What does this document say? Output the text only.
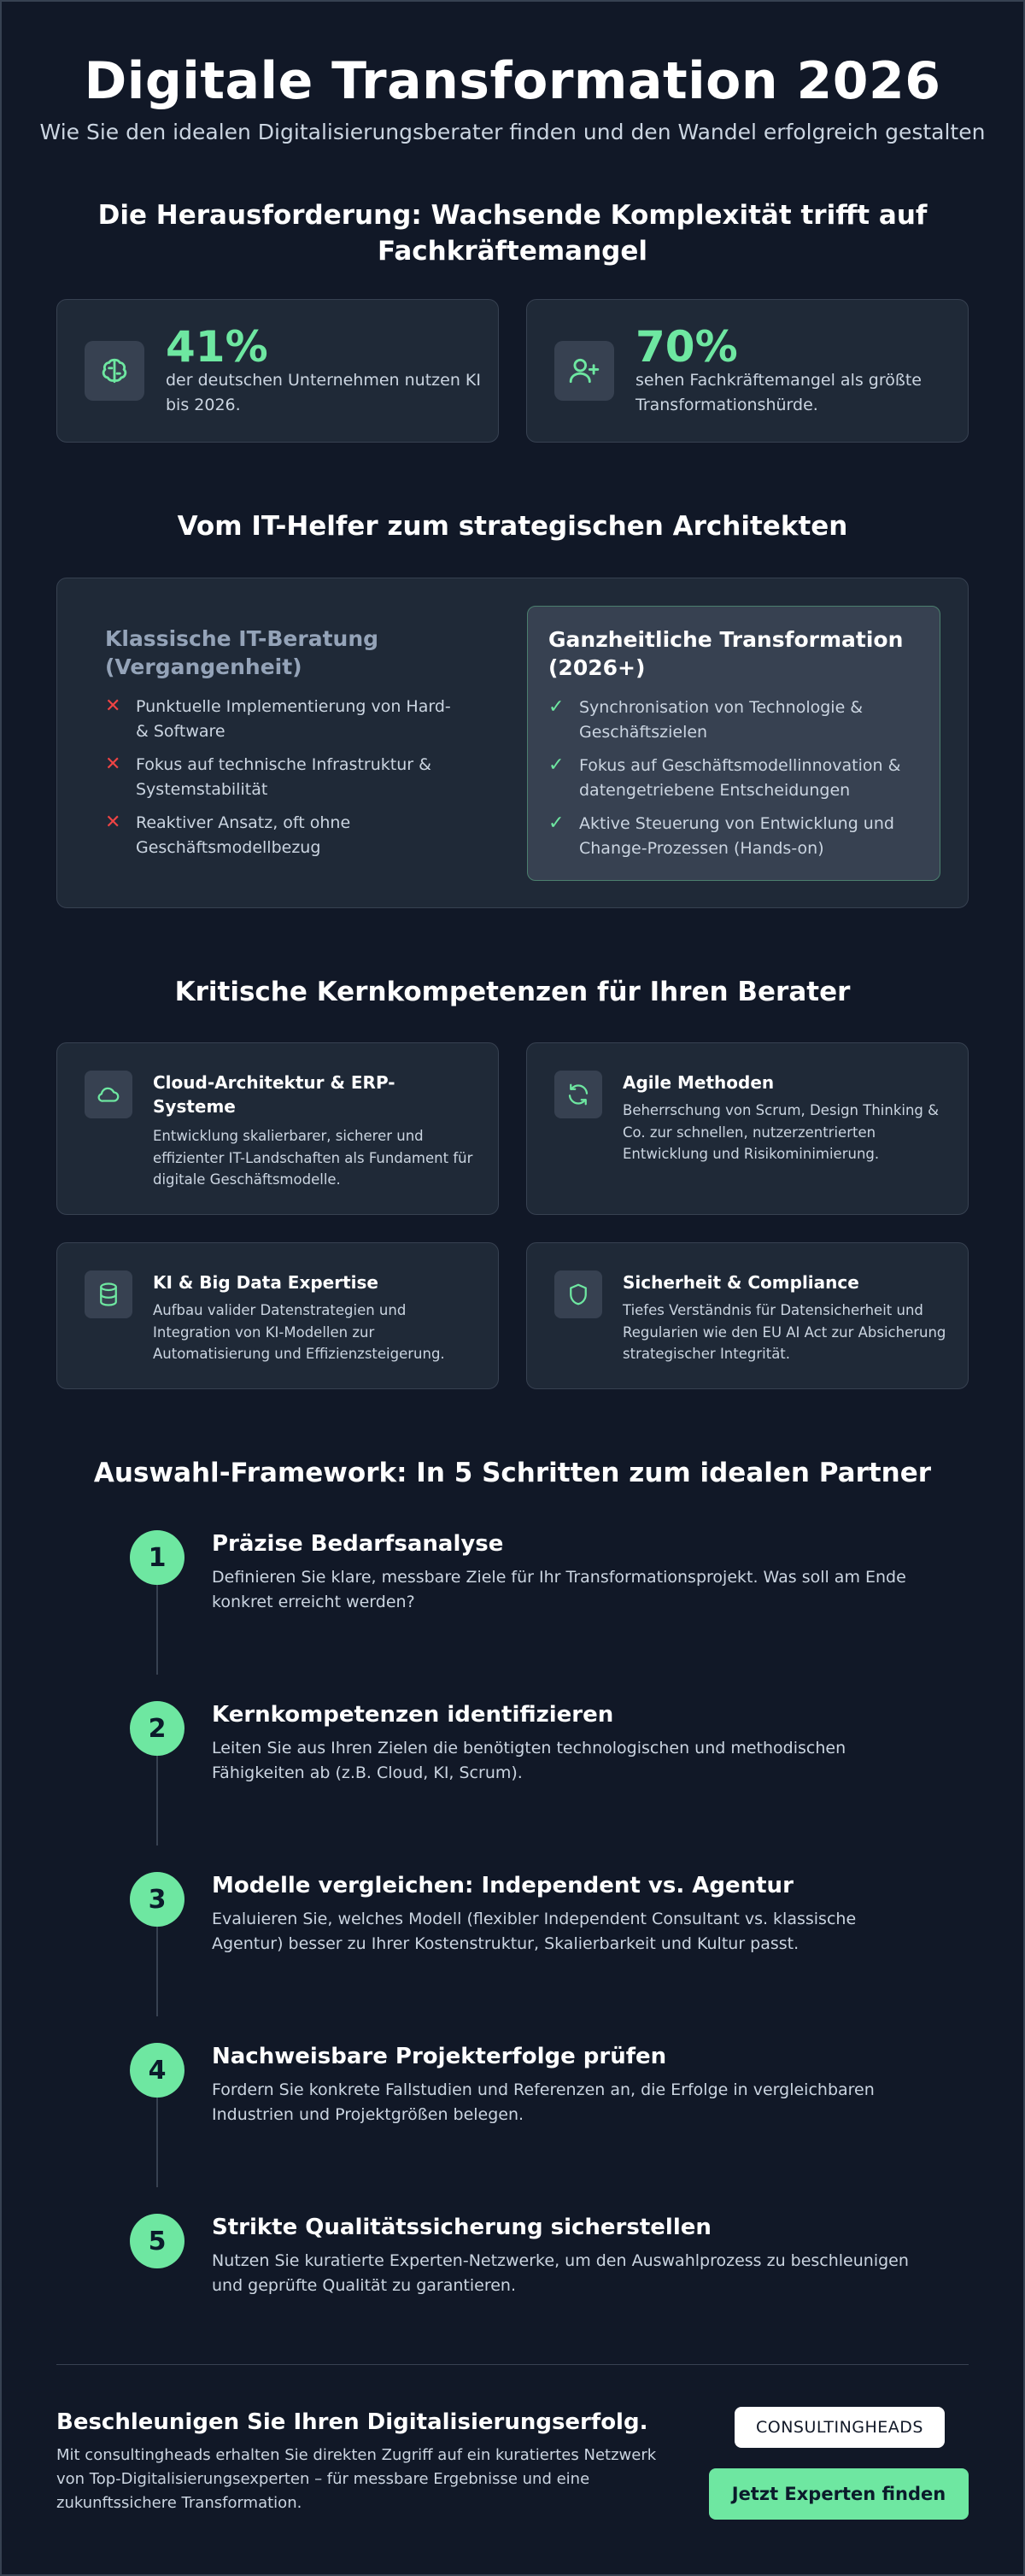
Digitale Transformation 2026
Wie Sie den idealen Digitalisierungsberater finden und den Wandel erfolgreich gestalten
Die Herausforderung: Wachsende Komplexität trifft auf Fachkräftemangel
41%
der deutschen Unternehmen nutzen KI bis 2026.
70%
sehen Fachkräftemangel als größte Transformationshürde.
Vom IT-Helfer zum strategischen Architekten
Klassische IT-Beratung (Vergangenheit)
✕ Punktuelle Implementierung von Hard- & Software
✕ Fokus auf technische Infrastruktur & Systemstabilität
✕ Reaktiver Ansatz, oft ohne Geschäftsmodellbezug
Ganzheitliche Transformation (2026+)
✓ Synchronisation von Technologie & Geschäftszielen
✓ Fokus auf Geschäftsmodellinnovation & datengetriebene Entscheidungen
✓ Aktive Steuerung von Entwicklung und Change-Prozessen (Hands-on)
Kritische Kernkompetenzen für Ihren Berater
Cloud-Architektur & ERP-Systeme
Entwicklung skalierbarer, sicherer und effizienter IT-Landschaften als Fundament für digitale Geschäftsmodelle.
Agile Methoden
Beherrschung von Scrum, Design Thinking & Co. zur schnellen, nutzerzentrierten Entwicklung und Risikominimierung.
KI & Big Data Expertise
Aufbau valider Datenstrategien und Integration von KI-Modellen zur Automatisierung und Effizienzsteigerung.
Sicherheit & Compliance
Tiefes Verständnis für Datensicherheit und Regularien wie den EU AI Act zur Absicherung strategischer Integrität.
Auswahl-Framework: In 5 Schritten zum idealen Partner
1	Präzise Bedarfsanalyse
Definieren Sie klare, messbare Ziele für Ihr Transformationsprojekt. Was soll am Ende konkret erreicht werden?
2	Kernkompetenzen identifizieren
Leiten Sie aus Ihren Zielen die benötigten technologischen und methodischen Fähigkeiten ab (z.B. Cloud, KI, Scrum).
3	Modelle vergleichen: Independent vs. Agentur
Evaluieren Sie, welches Modell (flexibler Independent Consultant vs. klassische Agentur) besser zu Ihrer Kostenstruktur, Skalierbarkeit und Kultur passt.
4	Nachweisbare Projekterfolge prüfen
Fordern Sie konkrete Fallstudien und Referenzen an, die Erfolge in vergleichbaren Industrien und Projektgrößen belegen.
5	Strikte Qualitätssicherung sicherstellen
Nutzen Sie kuratierte Experten-Netzwerke, um den Auswahlprozess zu beschleunigen und geprüfte Qualität zu garantieren.
Beschleunigen Sie Ihren Digitalisierungserfolg.
Mit consultingheads erhalten Sie direkten Zugriff auf ein kuratiertes Netzwerk von Top-Digitalisierungsexperten – für messbare Ergebnisse und eine zukunftssichere Transformation.
CONSULTINGHEADS
Jetzt Experten finden
